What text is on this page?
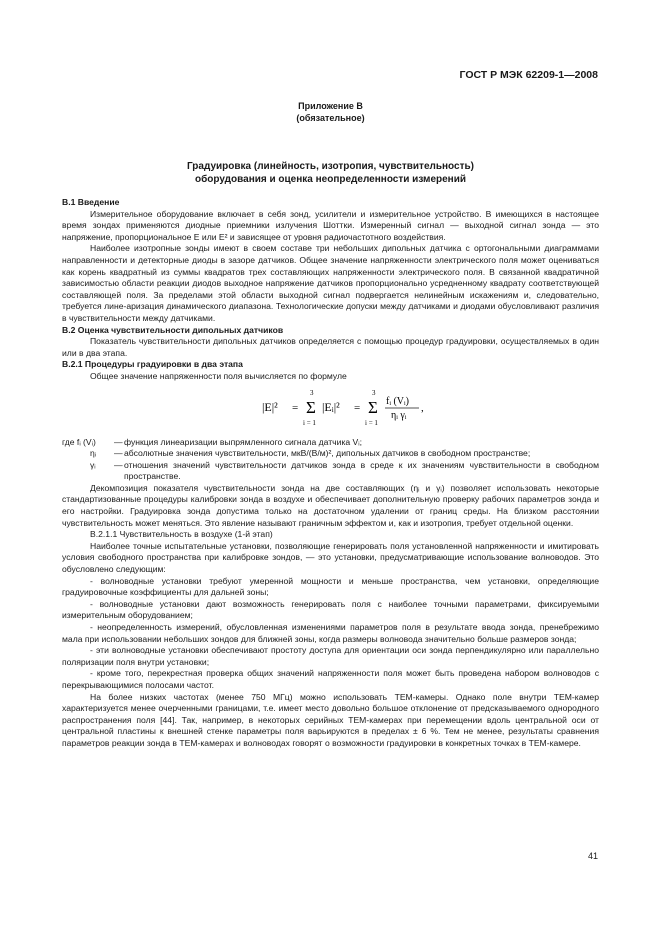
ГОСТ Р МЭК 62209-1—2008
Приложение В
(обязательное)
Градуировка (линейность, изотропия, чувствительность)
оборудования и оценка неопределенности измерений

В.1 Введение

Измерительное оборудование включает в себя зонд, усилители и измерительное устройство. В имеющихся в настоящее время зондах применяются диодные приемники излучения Шоттки. Измеренный сигнал — выходной сигнал зонда — это напряжение, пропорциональное E или E² и зависящее от уровня радиочастотного воздействия.

Наиболее изотропные зонды имеют в своем составе три небольших дипольных датчика с ортогональными диаграммами направленности и детекторные диоды в зазоре датчиков. Общее значение напряженности электрического поля может оцениваться как корень квадратный из суммы квадратов трех составляющих напряженности электрического поля. В связанной квадратичной зависимостью области реакции диодов выходное напряжение датчиков пропорционально усредненному квадрату соответствующей составляющей поля. За пределами этой области выходной сигнал подвергается нелинейным искажениям и, следовательно, требуется лине-аризация динамического диапазона. Технологические допуски между датчиками и диодами обусловливают различия в чувствительности между датчиками.

В.2 Оценка чувствительности дипольных датчиков

Показатель чувствительности дипольных датчиков определяется с помощью процедур градуировки, осуществляемых в один или в два этапа.

В.2.1 Процедуры градуировки в два этапа

Общее значение напряженности поля вычисляется по формуле

|E|² = Σ
3
i = 1
|Eᵢ|² = Σ
3
i = 1
fᵢ (Vᵢ)
ηᵢ γᵢ
,
где fᵢ (Vᵢ)	— функция линеаризации выпрямленного сигнала датчика Vᵢ;
ηᵢ	— абсолютные значения чувствительности, мкВ/(В/м)², дипольных датчиков в свободном пространстве;
γᵢ	— отношения значений чувствительности датчиков зонда в среде к их значениям чувствительности в свободном пространстве.

Декомпозиция показателя чувствительности зонда на две составляющих (ηᵢ и γᵢ) позволяет использовать некоторые стандартизованные процедуры калибровки зонда в воздухе и обеспечивает дополнительную проверку рабочих параметров зонда и его настройки. Градуировка зонда допустима только на достаточном удалении от границ среды. На близком расстоянии чувствительность может меняться. Это явление называют граничным эффектом и, как и изотропия, требует отдельной оценки.

В.2.1.1 Чувствительность в воздухе (1-й этап)

Наиболее точные испытательные установки, позволяющие генерировать поля установленной напряженности и имитировать условия свободного пространства при калибровке зондов, — это установки, предусматривающие использование волноводов. Это обусловлено следующим:

- волноводные установки требуют умеренной мощности и меньше пространства, чем установки, определяющие градуировочные коэффициенты для дальней зоны;

- волноводные установки дают возможность генерировать поля с наиболее точными параметрами, фиксируемыми измерительным оборудованием;

- неопределенность измерений, обусловленная изменениями параметров поля в результате ввода зонда, пренебрежимо мала при использовании небольших зондов для ближней зоны, когда размеры волновода значительно больше размеров зонда;

- эти волноводные установки обеспечивают простоту доступа для ориентации оси зонда перпендикулярно или параллельно поляризации поля внутри установки;

- кроме того, перекрестная проверка общих значений напряженности поля может быть проведена набором волноводов с перекрывающимися полосами частот.

На более низких частотах (менее 750 МГц) можно использовать ТЕМ-камеры. Однако поле внутри ТЕМ-камер характеризуется менее очерченными границами, т.е. имеет место довольно большое отклонение от предсказываемого однородного распространения поля [44]. Так, например, в некоторых серийных ТЕМ-камерах при перемещении вдоль центральной оси от центральной пластины к внешней стенке параметры поля варьируются в пределах ± 6 %. Тем не менее, результаты сравнения параметров реакции зонда в ТЕМ-камерах и волноводах говорят о возможности градуировки в конкретных точках в ТЕМ-камере.

41
